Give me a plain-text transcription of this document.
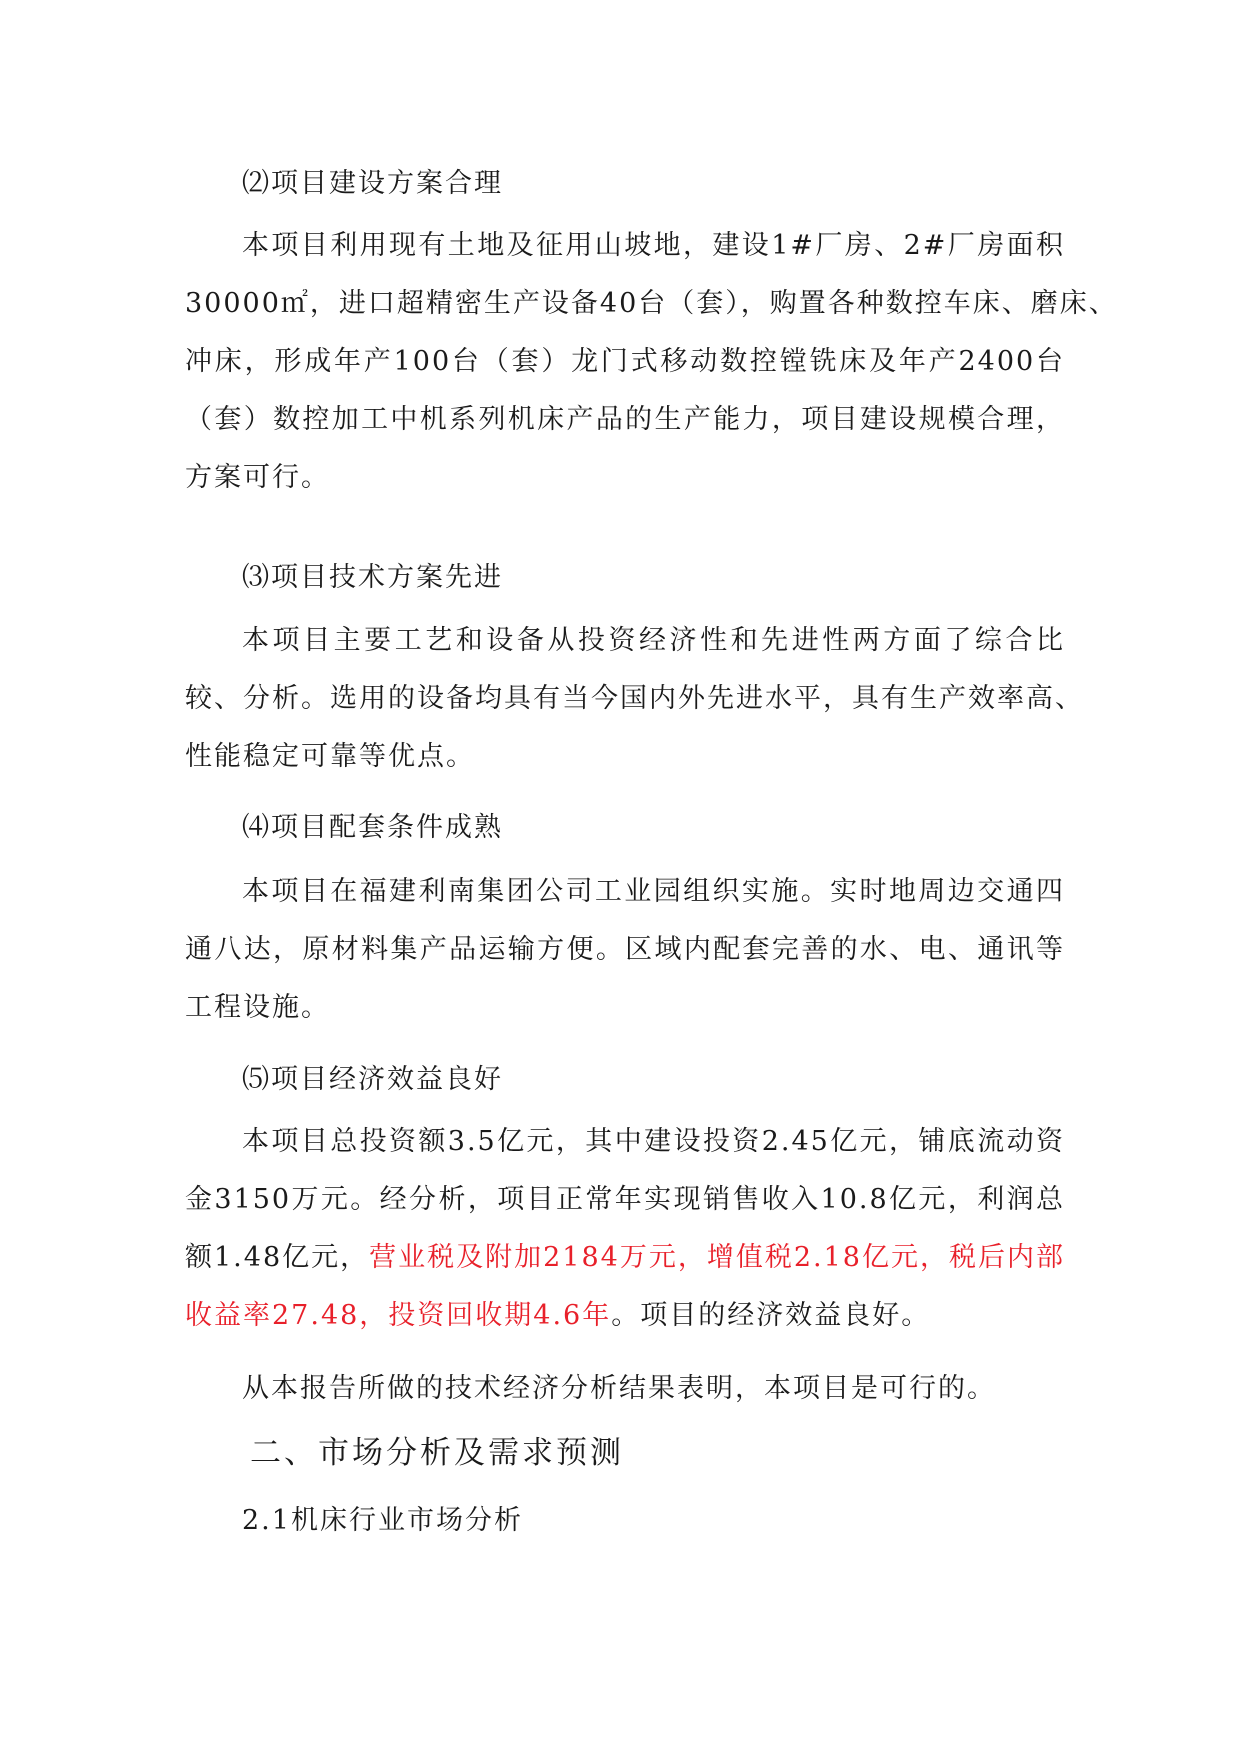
⑵项目建设方案合理
本项目利用现有土地及征用山坡地，建设1#厂房、2#厂房面积
30000㎡，进口超精密生产设备40台（套），购置各种数控车床、磨床、
冲床，形成年产100台（套）龙门式移动数控镗铣床及年产2400台
（套）数控加工中机系列机床产品的生产能力，项目建设规模合理，
方案可行。
⑶项目技术方案先进
本项目主要工艺和设备从投资经济性和先进性两方面了综合比
较、分析。选用的设备均具有当今国内外先进水平，具有生产效率高、
性能稳定可靠等优点。
⑷项目配套条件成熟
本项目在福建利南集团公司工业园组织实施。实时地周边交通四
通八达，原材料集产品运输方便。区域内配套完善的水、电、通讯等
工程设施。
⑸项目经济效益良好
本项目总投资额3.5亿元，其中建设投资2.45亿元，铺底流动资
金3150万元。经分析，项目正常年实现销售收入10.8亿元，利润总
额1.48亿元，营业税及附加2184万元，增值税2.18亿元，税后内部
收益率27.48，投资回收期4.6年。项目的经济效益良好。
从本报告所做的技术经济分析结果表明，本项目是可行的。
二、市场分析及需求预测
2.1机床行业市场分析
